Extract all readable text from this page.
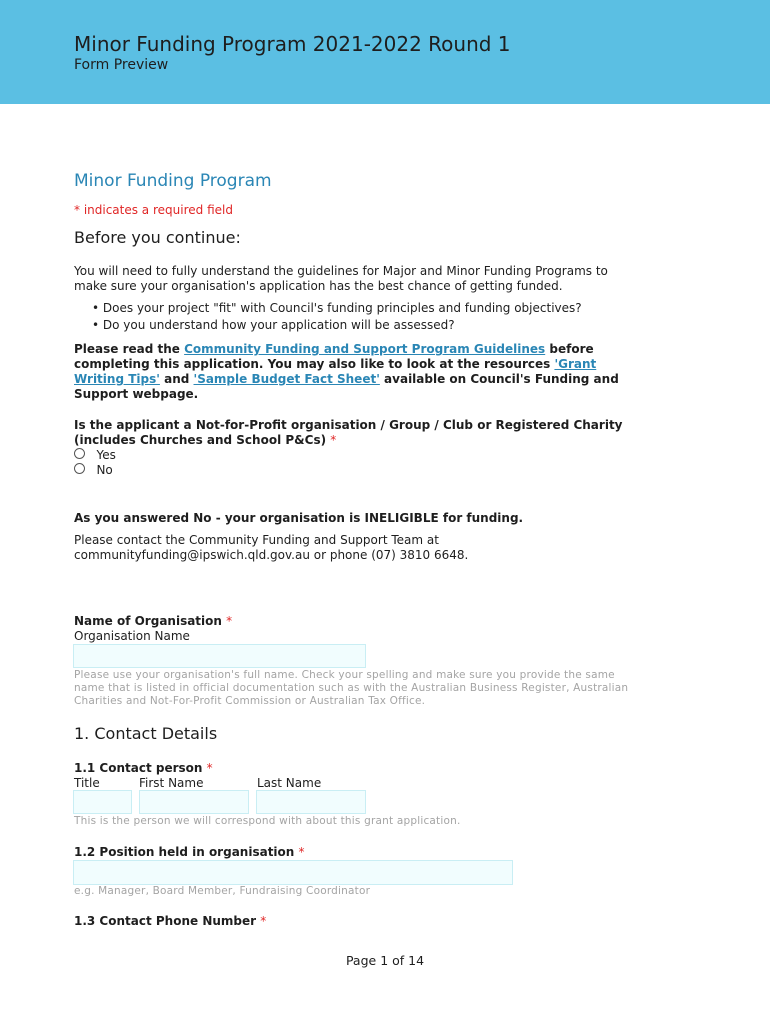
Minor Funding Program 2021-2022 Round 1
Form Preview
Minor Funding Program
* indicates a required field
Before you continue:
You will need to fully understand the guidelines for Major and Minor Funding Programs to
make sure your organisation's application has the best chance of getting funded.
• Does your project "fit" with Council's funding principles and funding objectives?
• Do you understand how your application will be assessed?
Please read the Community Funding and Support Program Guidelines before
completing this application. You may also like to look at the resources 'Grant
Writing Tips' and 'Sample Budget Fact Sheet' available on Council's Funding and
Support webpage.
Is the applicant a Not-for-Profit organisation / Group / Club or Registered Charity
(includes Churches and School P&Cs) *
Yes
No
As you answered No - your organisation is INELIGIBLE for funding.
Please contact the Community Funding and Support Team at
communityfunding@ipswich.qld.gov.au or phone (07) 3810 6648.
Name of Organisation *
Organisation Name
Please use your organisation's full name. Check your spelling and make sure you provide the same
name that is listed in official documentation such as with the Australian Business Register, Australian
Charities and Not-For-Profit Commission or Australian Tax Office.
1. Contact Details
1.1 Contact person *
Title	First Name	Last Name
This is the person we will correspond with about this grant application.
1.2 Position held in organisation *
e.g. Manager, Board Member, Fundraising Coordinator
1.3 Contact Phone Number *
Page 1 of 14
